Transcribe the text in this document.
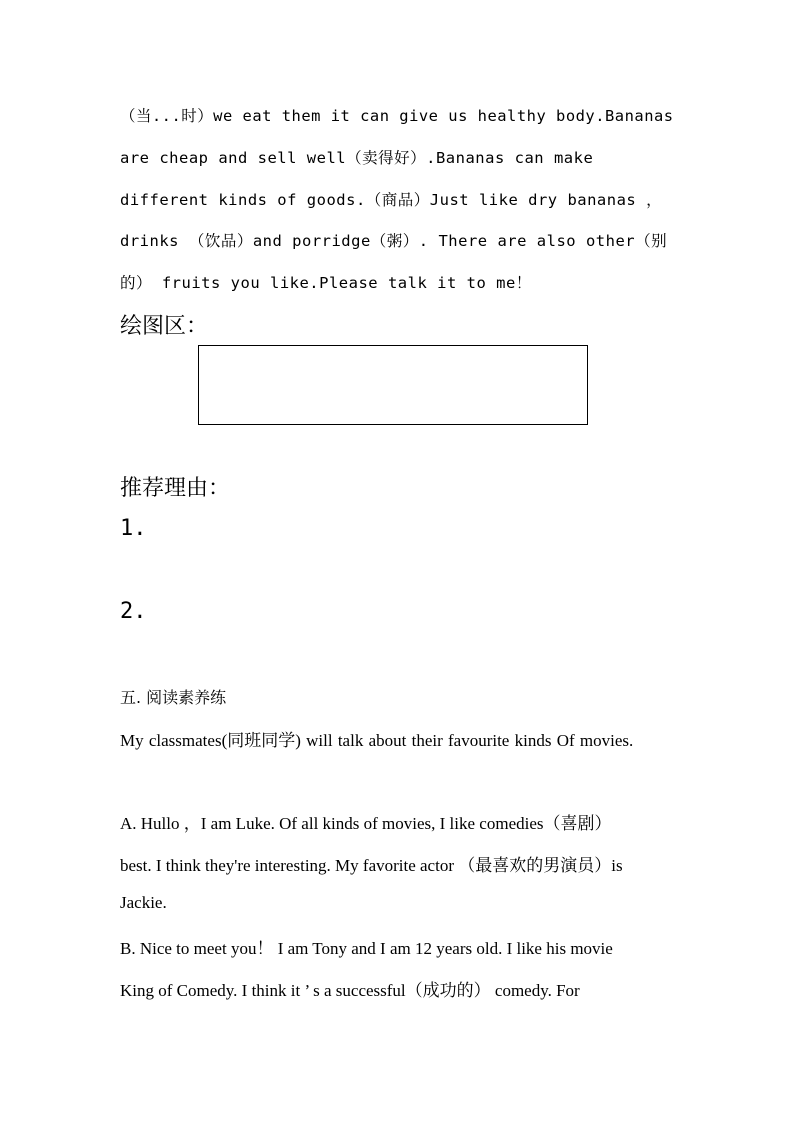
（当...时）we eat them it can give us healthy body.Bananas
are cheap and sell well（卖得好）.Bananas can make
different kinds of goods.（商品）Just like dry bananas ，
drinks （饮品）and porridge（粥）. There are also other（别
的） fruits you like.Please talk it to me！
绘图区：
推荐理由：
1.
2.
五. 阅读素养练
My classmates(同班同学) will talk about their favourite kinds Of movies.
A. Hullo ，I am Luke. Of all kinds of movies, I like comedies（喜剧）
best. I think they're interesting. My favorite actor （最喜欢的男演员）is
Jackie.
B. Nice to meet you！ I am Tony and I am 12 years old. I like his movie
King of Comedy. I think it ’ s a successful（成功的） comedy. For
